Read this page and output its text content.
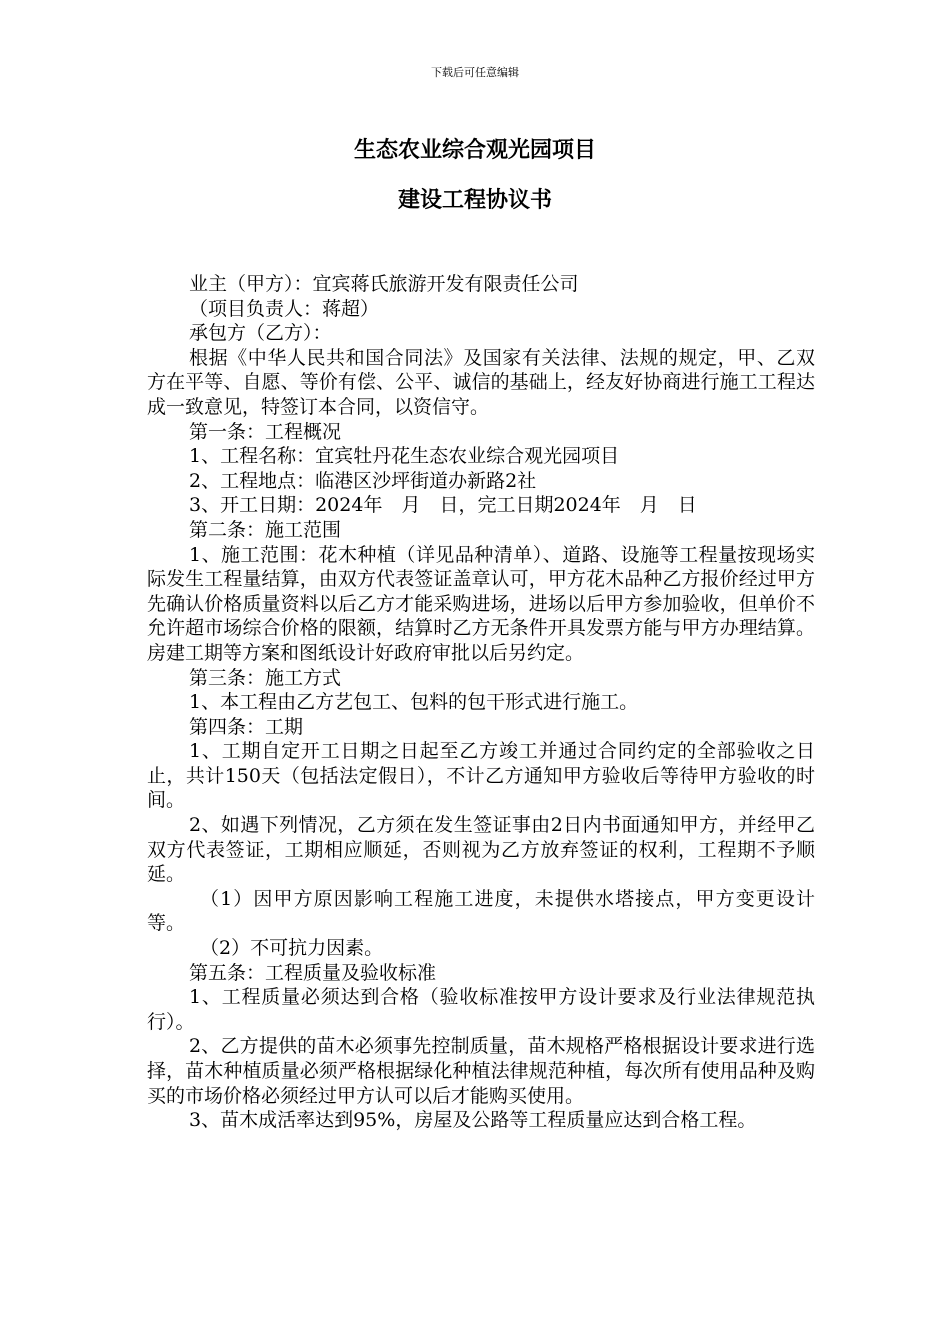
下载后可任意编辑
生态农业综合观光园项目
建设工程协议书

业主（甲方）：宜宾蒋氏旅游开发有限责任公司

（项目负责人：蒋超）

承包方（乙方）：

根据《中华人民共和国合同法》及国家有关法律、法规的规定，甲、乙双方在平等、自愿、等价有偿、公平、诚信的基础上，经友好协商进行施工工程达成一致意见，特签订本合同，以资信守。

第一条：工程概况

1、工程名称：宜宾牡丹花生态农业综合观光园项目

2、工程地点：临港区沙坪街道办新路2社

3、开工日期：2024年　月　日，完工日期2024年　月　日

第二条：施工范围

1、施工范围：花木种植（详见品种清单）、道路、设施等工程量按现场实际发生工程量结算，由双方代表签证盖章认可，甲方花木品种乙方报价经过甲方先确认价格质量资料以后乙方才能采购进场，进场以后甲方参加验收，但单价不允许超市场综合价格的限额，结算时乙方无条件开具发票方能与甲方办理结算。房建工期等方案和图纸设计好政府审批以后另约定。

第三条：施工方式

1、本工程由乙方艺包工、包料的包干形式进行施工。

第四条：工期

1、工期自定开工日期之日起至乙方竣工并通过合同约定的全部验收之日止，共计150天（包括法定假日），不计乙方通知甲方验收后等待甲方验收的时间。

2、如遇下列情况，乙方须在发生签证事由2日内书面通知甲方，并经甲乙双方代表签证，工期相应顺延，否则视为乙方放弃签证的权利，工程期不予顺延。

（1）因甲方原因影响工程施工进度，未提供水塔接点，甲方变更设计等。

（2）不可抗力因素。

第五条：工程质量及验收标准

1、工程质量必须达到合格（验收标准按甲方设计要求及行业法律规范执行）。

2、乙方提供的苗木必须事先控制质量，苗木规格严格根据设计要求进行选择，苗木种植质量必须严格根据绿化种植法律规范种植，每次所有使用品种及购买的市场价格必须经过甲方认可以后才能购买使用。

3、苗木成活率达到95%，房屋及公路等工程质量应达到合格工程。
